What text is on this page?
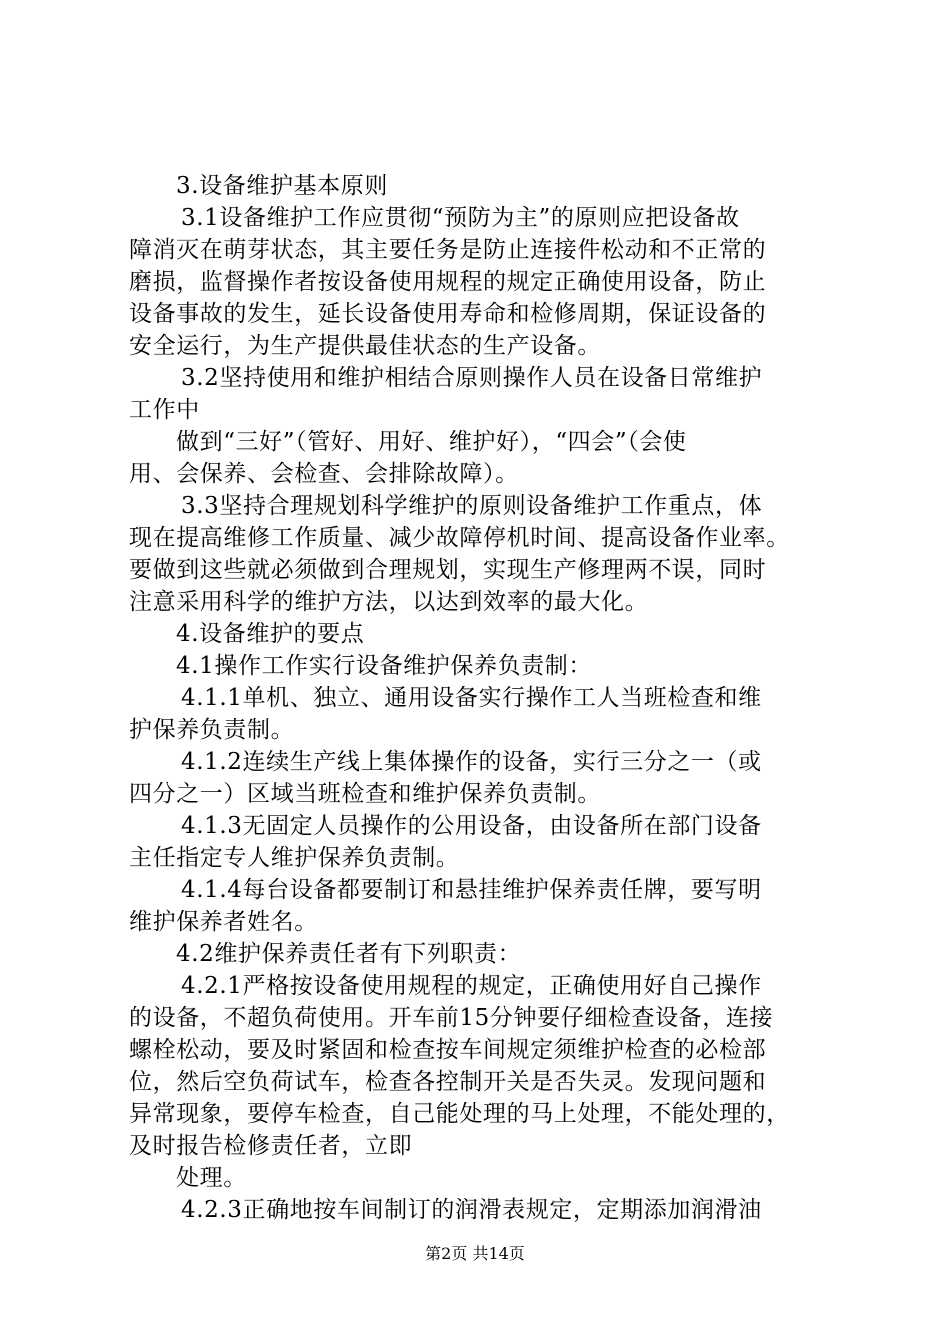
3.设备维护基本原则
3.1设备维护工作应贯彻“预防为主”的原则应把设备故
障消灭在萌芽状态，其主要任务是防止连接件松动和不正常的
磨损，监督操作者按设备使用规程的规定正确使用设备，防止
设备事故的发生，延长设备使用寿命和检修周期，保证设备的
安全运行，为生产提供最佳状态的生产设备。
3.2坚持使用和维护相结合原则操作人员在设备日常维护
工作中
做到“三好”（管好、用好、维护好），“四会”（会使
用、会保养、会检查、会排除故障）。
3.3坚持合理规划科学维护的原则设备维护工作重点，体
现在提高维修工作质量、减少故障停机时间、提高设备作业率。
要做到这些就必须做到合理规划，实现生产修理两不误，同时
注意采用科学的维护方法，以达到效率的最大化。
4.设备维护的要点
4.1操作工作实行设备维护保养负责制：
4.1.1单机、独立、通用设备实行操作工人当班检查和维
护保养负责制。
4.1.2连续生产线上集体操作的设备，实行三分之一（或
四分之一）区域当班检查和维护保养负责制。
4.1.3无固定人员操作的公用设备，由设备所在部门设备
主任指定专人维护保养负责制。
4.1.4每台设备都要制订和悬挂维护保养责任牌，要写明
维护保养者姓名。
4.2维护保养责任者有下列职责：
4.2.1严格按设备使用规程的规定，正确使用好自己操作
的设备，不超负荷使用。开车前15分钟要仔细检查设备，连接
螺栓松动，要及时紧固和检查按车间规定须维护检查的必检部
位，然后空负荷试车，检查各控制开关是否失灵。发现问题和
异常现象，要停车检查，自己能处理的马上处理，不能处理的，
及时报告检修责任者，立即
处理。
4.2.3正确地按车间制订的润滑表规定，定期添加润滑油
第2页 共14页
